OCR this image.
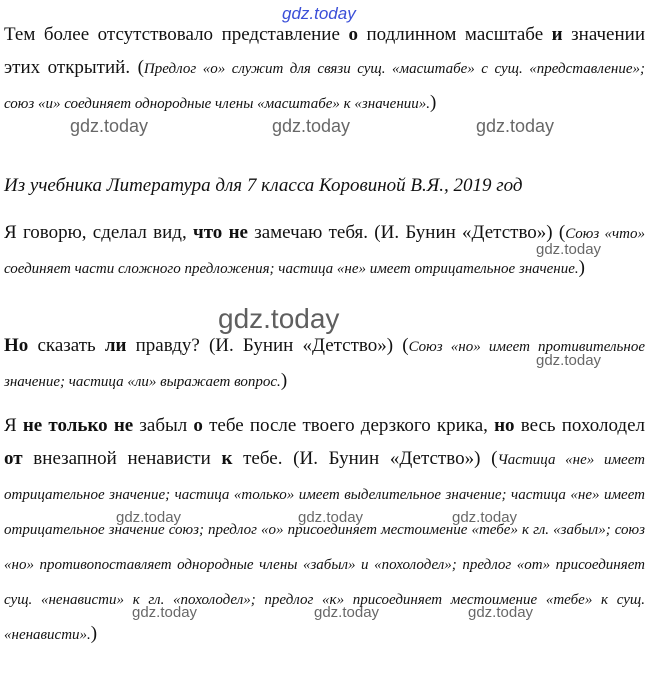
Тем более отсутствовало представление о подлинном масштабе и значении этих открытий. (Предлог «о» служит для связи сущ. «масштабе» с сущ. «представление»; союз «и» соединяет однородные члены «масштабе» к «значении».)

Из учебника Литература для 7 класса Коровиной В.Я., 2019 год

Я говорю, сделал вид, что не замечаю тебя. (И. Бунин «Детство») (Союз «что» соединяет части сложного предложения; частица «не» имеет отрицательное значение.)

Но сказать ли правду? (И. Бунин «Детство») (Союз «но» имеет противительное значение; частица «ли» выражает вопрос.)

Я не только не забыл о тебе после твоего дерзкого крика, но весь похолодел от внезапной ненависти к тебе. (И. Бунин «Детство») (Частица «не» имеет отрицательное значение; частица «только» имеет выделительное значение; частица «не» имеет отрицательное значение союз; предлог «о» присоединяет местоимение «тебе» к гл. «забыл»; союз «но» противопоставляет однородные члены «забыл» и «похолодел»; предлог «от» присоединяет сущ. «ненависти» к гл. «похолодел»; предлог «к» присоединяет местоимение «тебе» к сущ. «ненависти».)

gdz.today
gdz.today	gdz.today	gdz.today
gdz.today
gdz.today
gdz.today
gdz.today	gdz.today	gdz.today
gdz.today	gdz.today	gdz.today
